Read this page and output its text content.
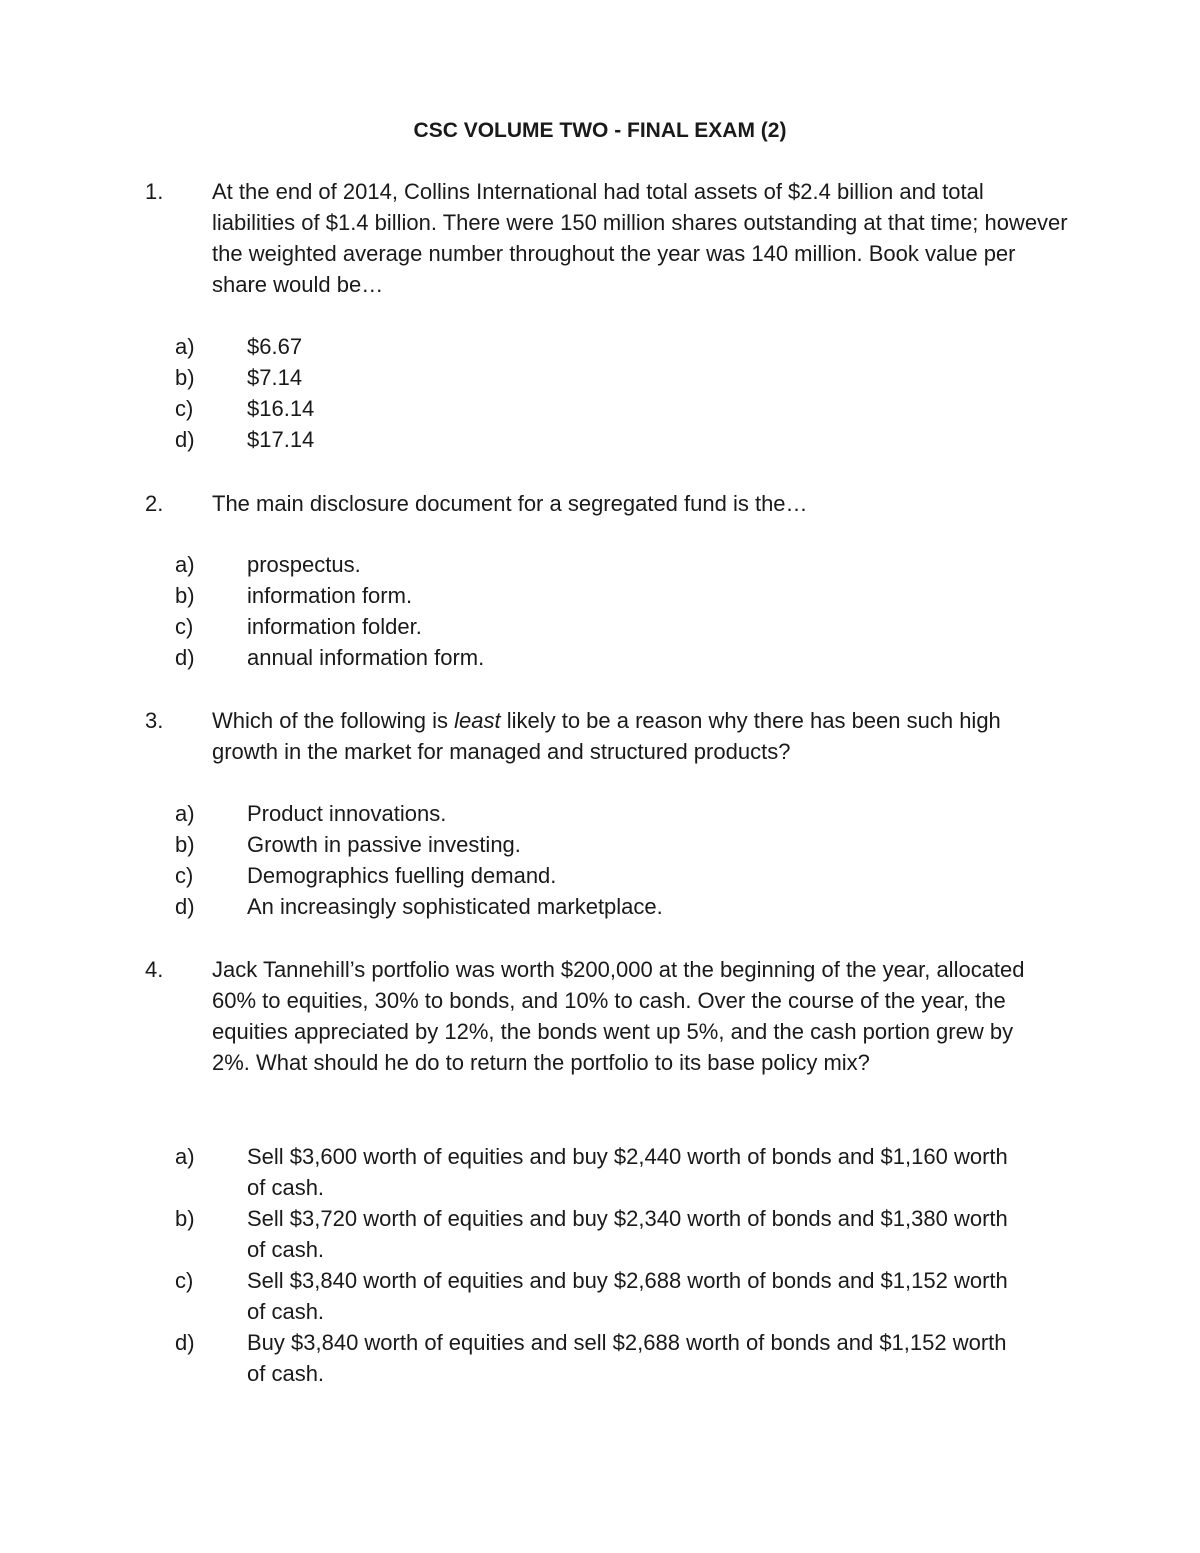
CSC VOLUME TWO - FINAL EXAM (2)
1. At the end of 2014, Collins International had total assets of $2.4 billion and total liabilities of $1.4 billion. There were 150 million shares outstanding at that time; however the weighted average number throughout the year was 140 million. Book value per share would be…
a) $6.67
b) $7.14
c) $16.14
d) $17.14
2. The main disclosure document for a segregated fund is the…
a) prospectus.
b) information form.
c) information folder.
d) annual information form.
3. Which of the following is least likely to be a reason why there has been such high growth in the market for managed and structured products?
a) Product innovations.
b) Growth in passive investing.
c) Demographics fuelling demand.
d) An increasingly sophisticated marketplace.
4. Jack Tannehill’s portfolio was worth $200,000 at the beginning of the year, allocated 60% to equities, 30% to bonds, and 10% to cash. Over the course of the year, the equities appreciated by 12%, the bonds went up 5%, and the cash portion grew by 2%. What should he do to return the portfolio to its base policy mix?
a) Sell $3,600 worth of equities and buy $2,440 worth of bonds and $1,160 worth of cash.
b) Sell $3,720 worth of equities and buy $2,340 worth of bonds and $1,380 worth of cash.
c) Sell $3,840 worth of equities and buy $2,688 worth of bonds and $1,152 worth of cash.
d) Buy $3,840 worth of equities and sell $2,688 worth of bonds and $1,152 worth of cash.
